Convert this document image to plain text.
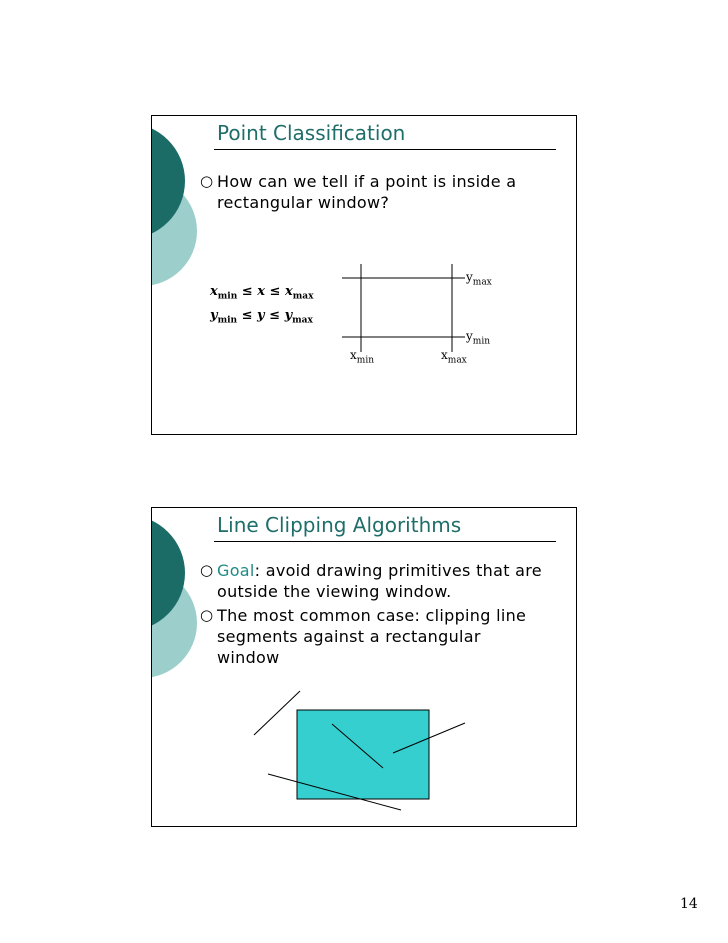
Point Classification
○ How can we tell if a point is inside a
rectangular window?
$x_{min} \le x \le x_{max}$
$y_{min} \le y \le y_{max}$
$y_{max}$
$y_{min}$
$x_{min}$	$x_{max}$
Line Clipping Algorithms
○ Goal: avoid drawing primitives that are
outside the viewing window.
○ The most common case: clipping line
segments against a rectangular
window
14
